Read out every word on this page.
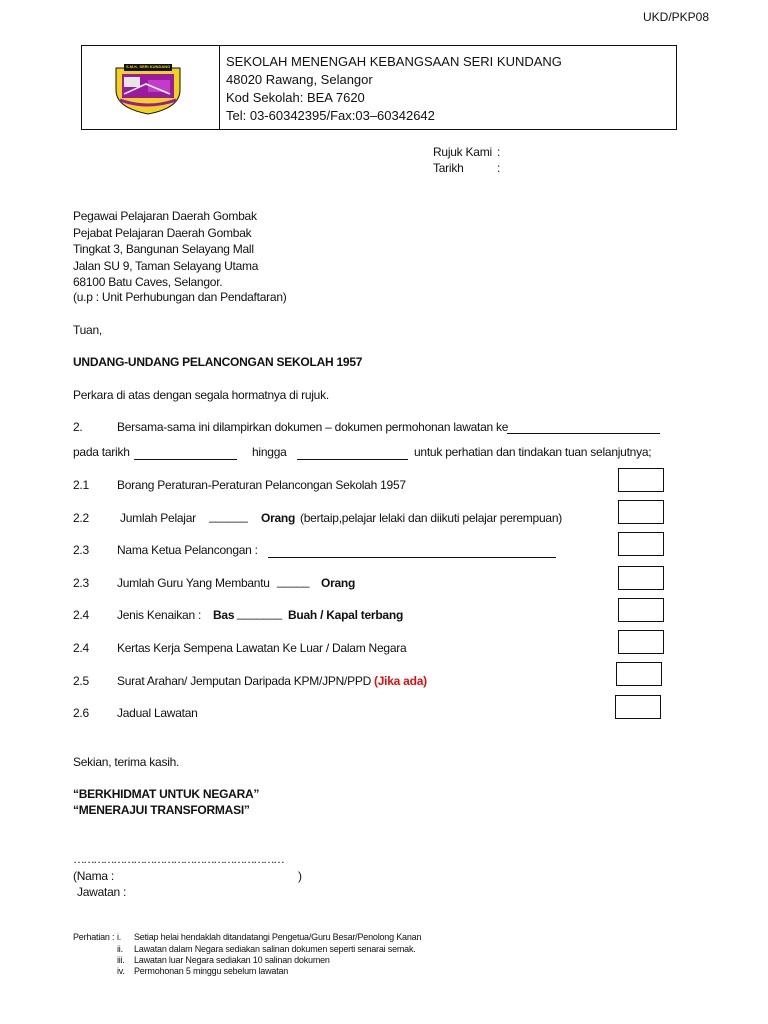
UKD/PKP08
S.M.K. SERI KUNDANG	SEKOLAH MENENGAH KEBANGSAAN SERI KUNDANG
48020 Rawang, Selangor
Kod Sekolah: BEA 7620
Tel: 03-60342395/Fax:03–60342642
Rujuk Kami :
Tarikh	:
Pegawai Pelajaran Daerah Gombak
Pejabat Pelajaran Daerah Gombak
Tingkat 3, Bangunan Selayang Mall
Jalan SU 9, Taman Selayang Utama
68100 Batu Caves, Selangor.
(u.p : Unit Perhubungan dan Pendaftaran)
Tuan,
UNDANG-UNDANG PELANCONGAN SEKOLAH 1957
Perkara di atas dengan segala hormatnya di rujuk.
2.	Bersama-sama ini dilampirkan dokumen – dokumen permohonan lawatan ke
pada tarikh	hingga	untuk perhatian dan tindakan tuan selanjutnya;
2.1 Borang Peraturan-Peraturan Pelancongan Sekolah 1957
2.2	Jumlah Pelajar ______ Orang (bertaip,pelajar lelaki dan diikuti pelajar perempuan)
2.3 Nama Ketua Pelancongan :
2.3 Jumlah Guru Yang Membantu _____ Orang
2.4 Jenis Kenaikan : Bas _______ Buah / Kapal terbang
2.4 Kertas Kerja Sempena Lawatan Ke Luar / Dalam Negara
2.5 Surat Arahan/ Jemputan Daripada KPM/JPN/PPD (Jika ada)
2.6 Jadual Lawatan
Sekian, terima kasih.
“BERKHIDMAT UNTUK NEGARA”
“MENERAJUI TRANSFORMASI”
………………………………………………………
(Nama :	)
Jawatan :
Perhatian : i. Setiap helai hendaklah ditandatangi Pengetua/Guru Besar/Penolong Kanan
ii. Lawatan dalam Negara sediakan salinan dokumen seperti senarai semak.
iii. Lawatan luar Negara sediakan 10 salinan dokumen
iv. Permohonan 5 minggu sebelum lawatan
